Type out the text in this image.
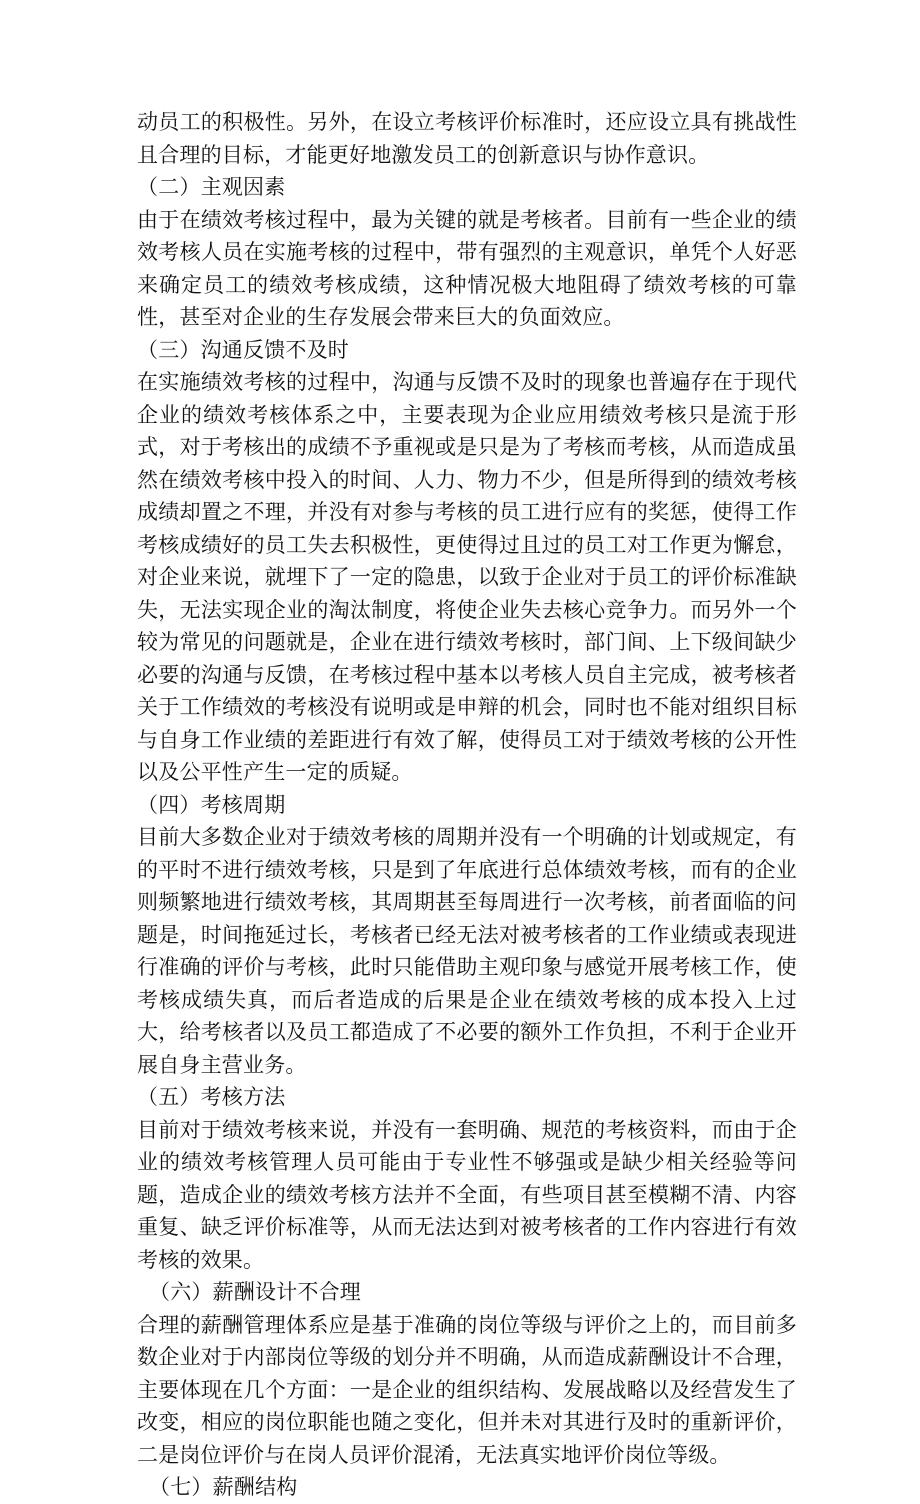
动员工的积极性。另外，在设立考核评价标准时，还应设立具有挑战性且合理的目标，才能更好地激发员工的创新意识与协作意识。

（二）主观因素

由于在绩效考核过程中，最为关键的就是考核者。目前有一些企业的绩效考核人员在实施考核的过程中，带有强烈的主观意识，单凭个人好恶来确定员工的绩效考核成绩，这种情况极大地阻碍了绩效考核的可靠性，甚至对企业的生存发展会带来巨大的负面效应。

（三）沟通反馈不及时

在实施绩效考核的过程中，沟通与反馈不及时的现象也普遍存在于现代企业的绩效考核体系之中，主要表现为企业应用绩效考核只是流于形式，对于考核出的成绩不予重视或是只是为了考核而考核，从而造成虽然在绩效考核中投入的时间、人力、物力不少，但是所得到的绩效考核成绩却置之不理，并没有对参与考核的员工进行应有的奖惩，使得工作考核成绩好的员工失去积极性，更使得过且过的员工对工作更为懈怠，对企业来说，就埋下了一定的隐患，以致于企业对于员工的评价标准缺失，无法实现企业的淘汰制度，将使企业失去核心竞争力。而另外一个较为常见的问题就是，企业在进行绩效考核时，部门间、上下级间缺少必要的沟通与反馈，在考核过程中基本以考核人员自主完成，被考核者关于工作绩效的考核没有说明或是申辩的机会，同时也不能对组织目标与自身工作业绩的差距进行有效了解，使得员工对于绩效考核的公开性以及公平性产生一定的质疑。

（四）考核周期

目前大多数企业对于绩效考核的周期并没有一个明确的计划或规定，有的平时不进行绩效考核，只是到了年底进行总体绩效考核，而有的企业则频繁地进行绩效考核，其周期甚至每周进行一次考核，前者面临的问题是，时间拖延过长，考核者已经无法对被考核者的工作业绩或表现进行准确的评价与考核，此时只能借助主观印象与感觉开展考核工作，使考核成绩失真，而后者造成的后果是企业在绩效考核的成本投入上过大，给考核者以及员工都造成了不必要的额外工作负担，不利于企业开展自身主营业务。

（五）考核方法

目前对于绩效考核来说，并没有一套明确、规范的考核资料，而由于企业的绩效考核管理人员可能由于专业性不够强或是缺少相关经验等问题，造成企业的绩效考核方法并不全面，有些项目甚至模糊不清、内容重复、缺乏评价标准等，从而无法达到对被考核者的工作内容进行有效考核的效果。

（六）薪酬设计不合理

合理的薪酬管理体系应是基于准确的岗位等级与评价之上的，而目前多数企业对于内部岗位等级的划分并不明确，从而造成薪酬设计不合理，主要体现在几个方面：一是企业的组织结构、发展战略以及经营发生了改变，相应的岗位职能也随之变化，但并未对其进行及时的重新评价，二是岗位评价与在岗人员评价混淆，无法真实地评价岗位等级。

（七）薪酬结构
